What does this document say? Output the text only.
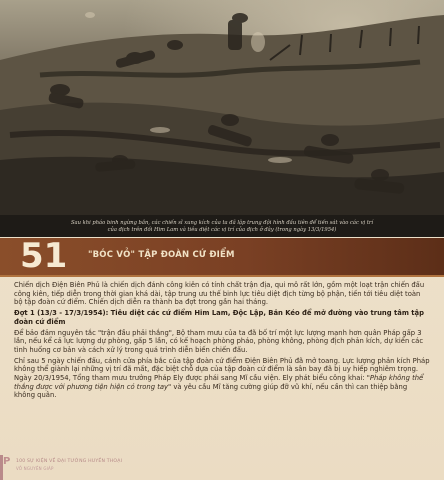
Sau khi pháo binh ngừng bắn, các chiến sĩ xung kích của ta đã lập trung đội hình đầu tiên để tiến sát vào các vị trí
của địch trên đồi Him Lam và tiêu diệt các vị trí của địch ở đây (trong ngày 13/3/1954)
51 "BÓC VỎ" TẬP ĐOÀN CỨ ĐIỂM

Chiến dịch Điện Biên Phủ là chiến dịch đánh công kiên có tính chất trận địa, qui mô rất lớn, gồm một loạt trận chiến đấu công kiên, tiếp diễn trong thời gian khá dài, tập trung ưu thế binh lực tiêu diệt địch từng bộ phận, tiến tới tiêu diệt toàn bộ tập đoàn cứ điểm. Chiến dịch diễn ra thành ba đợt trong gần hai tháng.

Đợt 1 (13/3 - 17/3/1954): Tiêu diệt các cứ điểm Him Lam, Độc Lập, Bản Kéo để mở đường vào trung tâm tập đoàn cứ điểm

Để bảo đảm nguyên tắc "trận đầu phải thắng", Bộ tham mưu của ta đã bố trí một lực lượng mạnh hơn quân Pháp gấp 3 lần, nếu kể cả lực lượng dự phòng, gấp 5 lần, có kế hoạch phòng pháo, phòng không, phòng địch phản kích, dự kiến các tình huống cơ bản và cách xử lý trong quá trình diễn biến chiến đấu.

Chỉ sau 5 ngày chiến đấu, cánh cửa phía bắc của tập đoàn cứ điểm Điện Biên Phủ đã mở toang. Lực lượng phản kích Pháp không thể giành lại những vị trí đã mất, đặc biệt chỗ dựa của tập đoàn cứ điểm là sân bay đã bị uy hiếp nghiêm trọng. Ngày 20/3/1954, Tổng tham mưu trưởng Pháp Ely được phái sang Mĩ cầu viện. Ely phát biểu công khai: "Pháp không thể thắng được với phương tiện hiện có trong tay" và yêu cầu Mĩ tăng cường giúp đỡ vũ khí, nếu cần thì can thiệp bằng không quân.

P 100 SỰ KIỆN VỀ ĐẠI TƯỚNG HUYỀN THOẠI
VÕ NGUYÊN GIÁP
